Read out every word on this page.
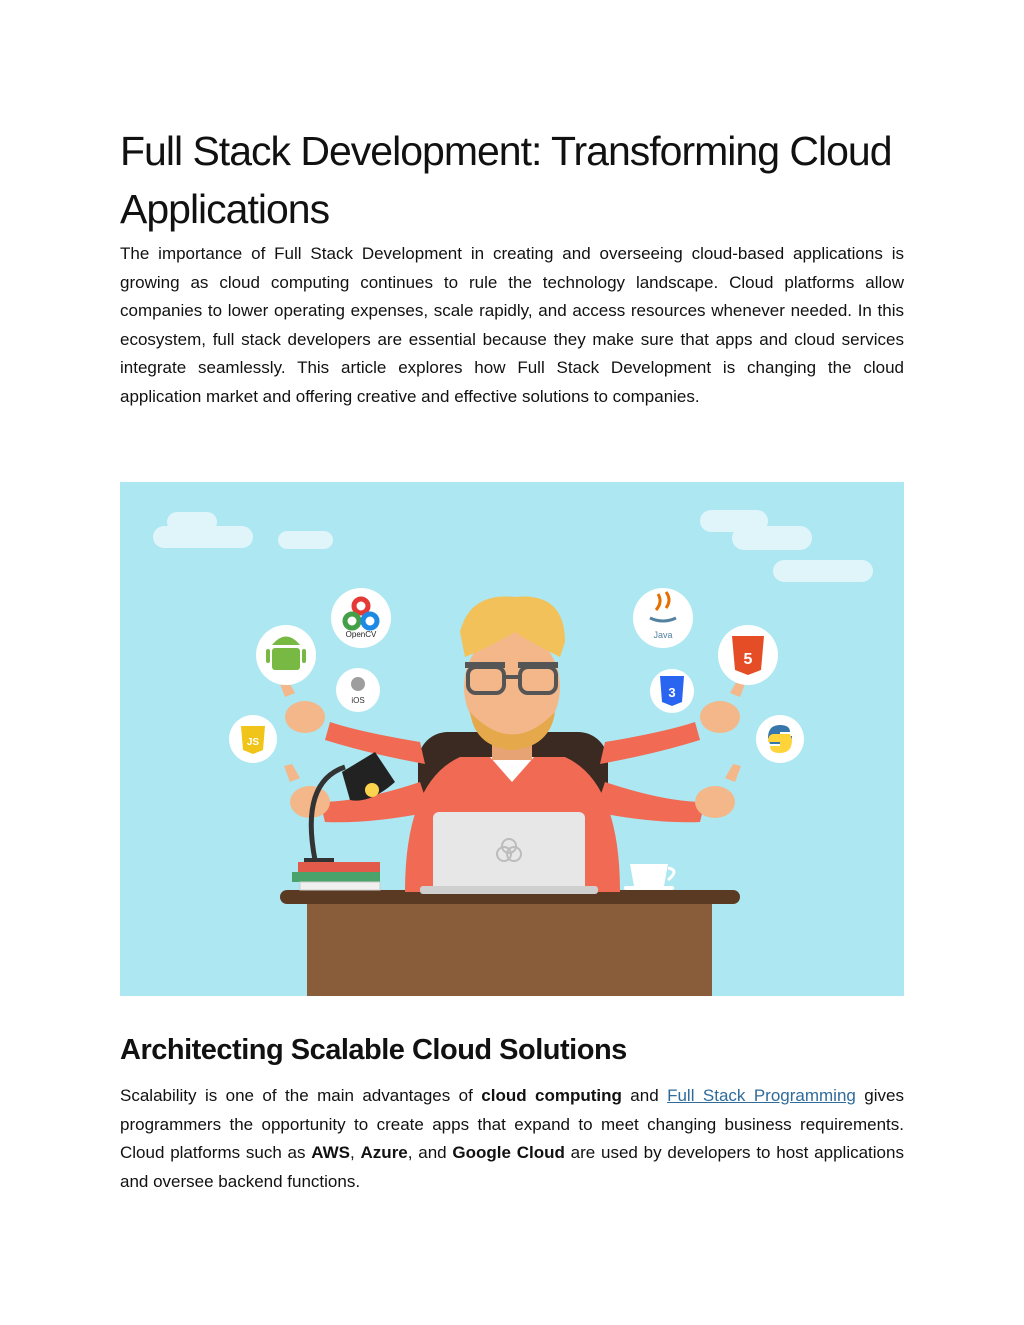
Full Stack Development: Transforming Cloud Applications

The importance of Full Stack Development in creating and overseeing cloud-based applications is growing as cloud computing continues to rule the technology landscape. Cloud platforms allow companies to lower operating expenses, scale rapidly, and access resources whenever needed. In this ecosystem, full stack developers are essential because they make sure that apps and cloud services integrate seamlessly. This article explores how Full Stack Development is changing the cloud application market and offering creative and effective solutions to companies.

OpenCV
iOS
JS
Java
5
3
Architecting Scalable Cloud Solutions

Scalability is one of the main advantages of cloud computing and Full Stack Programming gives programmers the opportunity to create apps that expand to meet changing business requirements. Cloud platforms such as AWS, Azure, and Google Cloud are used by developers to host applications and oversee backend functions.
